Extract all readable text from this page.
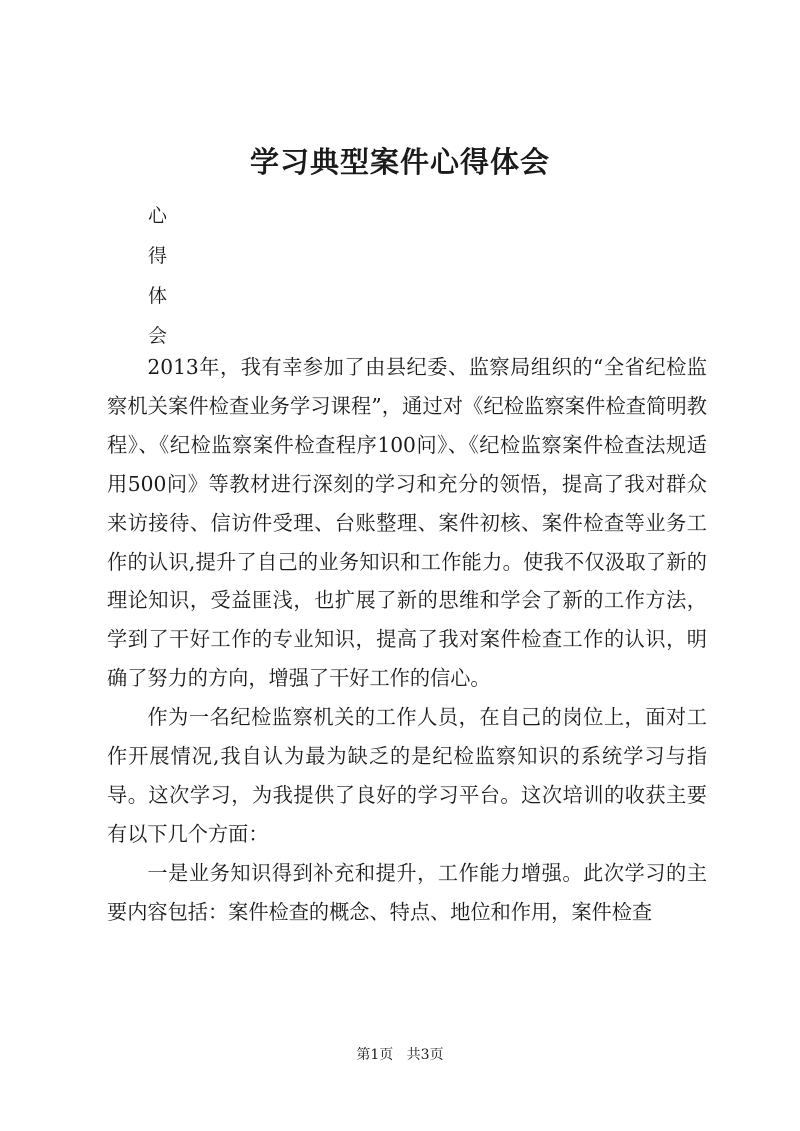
学习典型案件心得体会
心
得
体
会

2013年，我有幸参加了由县纪委、监察局组织的“全省纪检监察机关案件检查业务学习课程”，通过对《纪检监察案件检查简明教程》、《纪检监察案件检查程序100问》、《纪检监察案件检查法规适用500问》等教材进行深刻的学习和充分的领悟，提高了我对群众来访接待、信访件受理、台账整理、案件初核、案件检查等业务工作的认识,提升了自己的业务知识和工作能力。使我不仅汲取了新的理论知识，受益匪浅，也扩展了新的思维和学会了新的工作方法，学到了干好工作的专业知识，提高了我对案件检查工作的认识，明确了努力的方向，增强了干好工作的信心。

作为一名纪检监察机关的工作人员，在自己的岗位上，面对工作开展情况,我自认为最为缺乏的是纪检监察知识的系统学习与指导。这次学习，为我提供了良好的学习平台。这次培训的收获主要有以下几个方面：

一是业务知识得到补充和提升，工作能力增强。此次学习的主要内容包括：案件检查的概念、特点、地位和作用，案件检查

第1页 共3页
